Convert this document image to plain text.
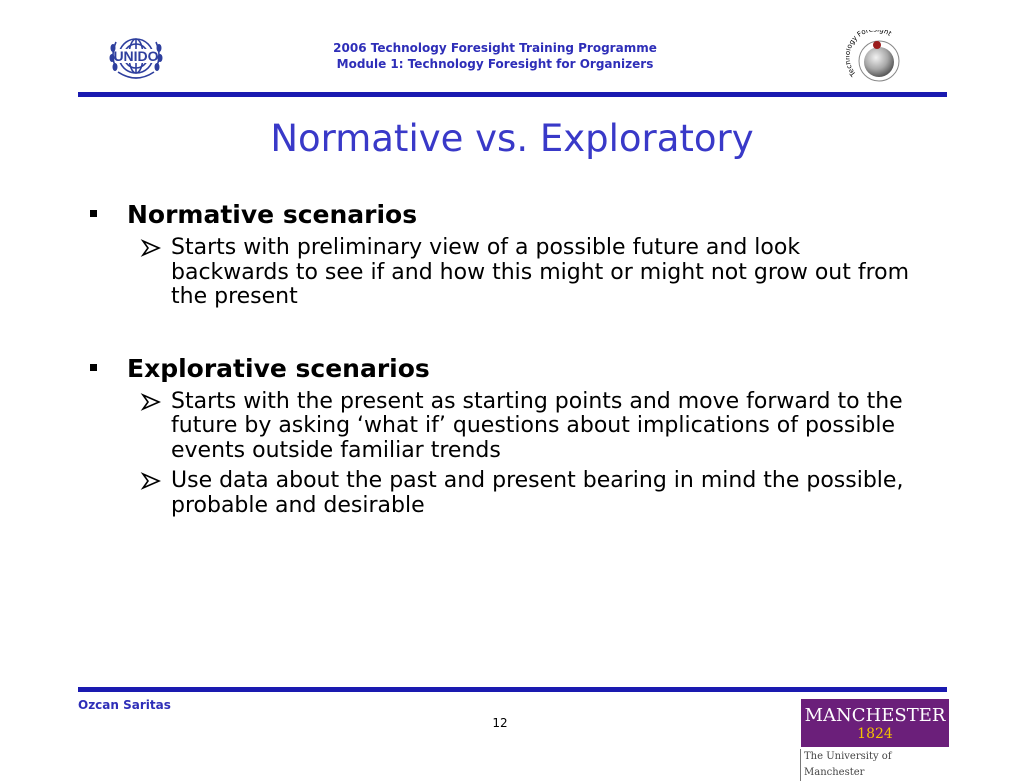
UNIDO	2006 Technology Foresight Training Programme
Module 1: Technology Foresight for Organizers
Te ogy For ght
Normative vs. Exploratory
Normative scenarios
Starts with preliminary view of a possible future and look backwards to see if and how this might or might not grow out from the present
Explorative scenarios
Starts with the present as starting points and move forward to the future by asking ‘what if’ questions about implications of possible events outside familiar trends
Use data about the past and present bearing in mind the possible, probable and desirable
Ozcan Saritas
12	MANCHESTER
1824
The University of Manchester
